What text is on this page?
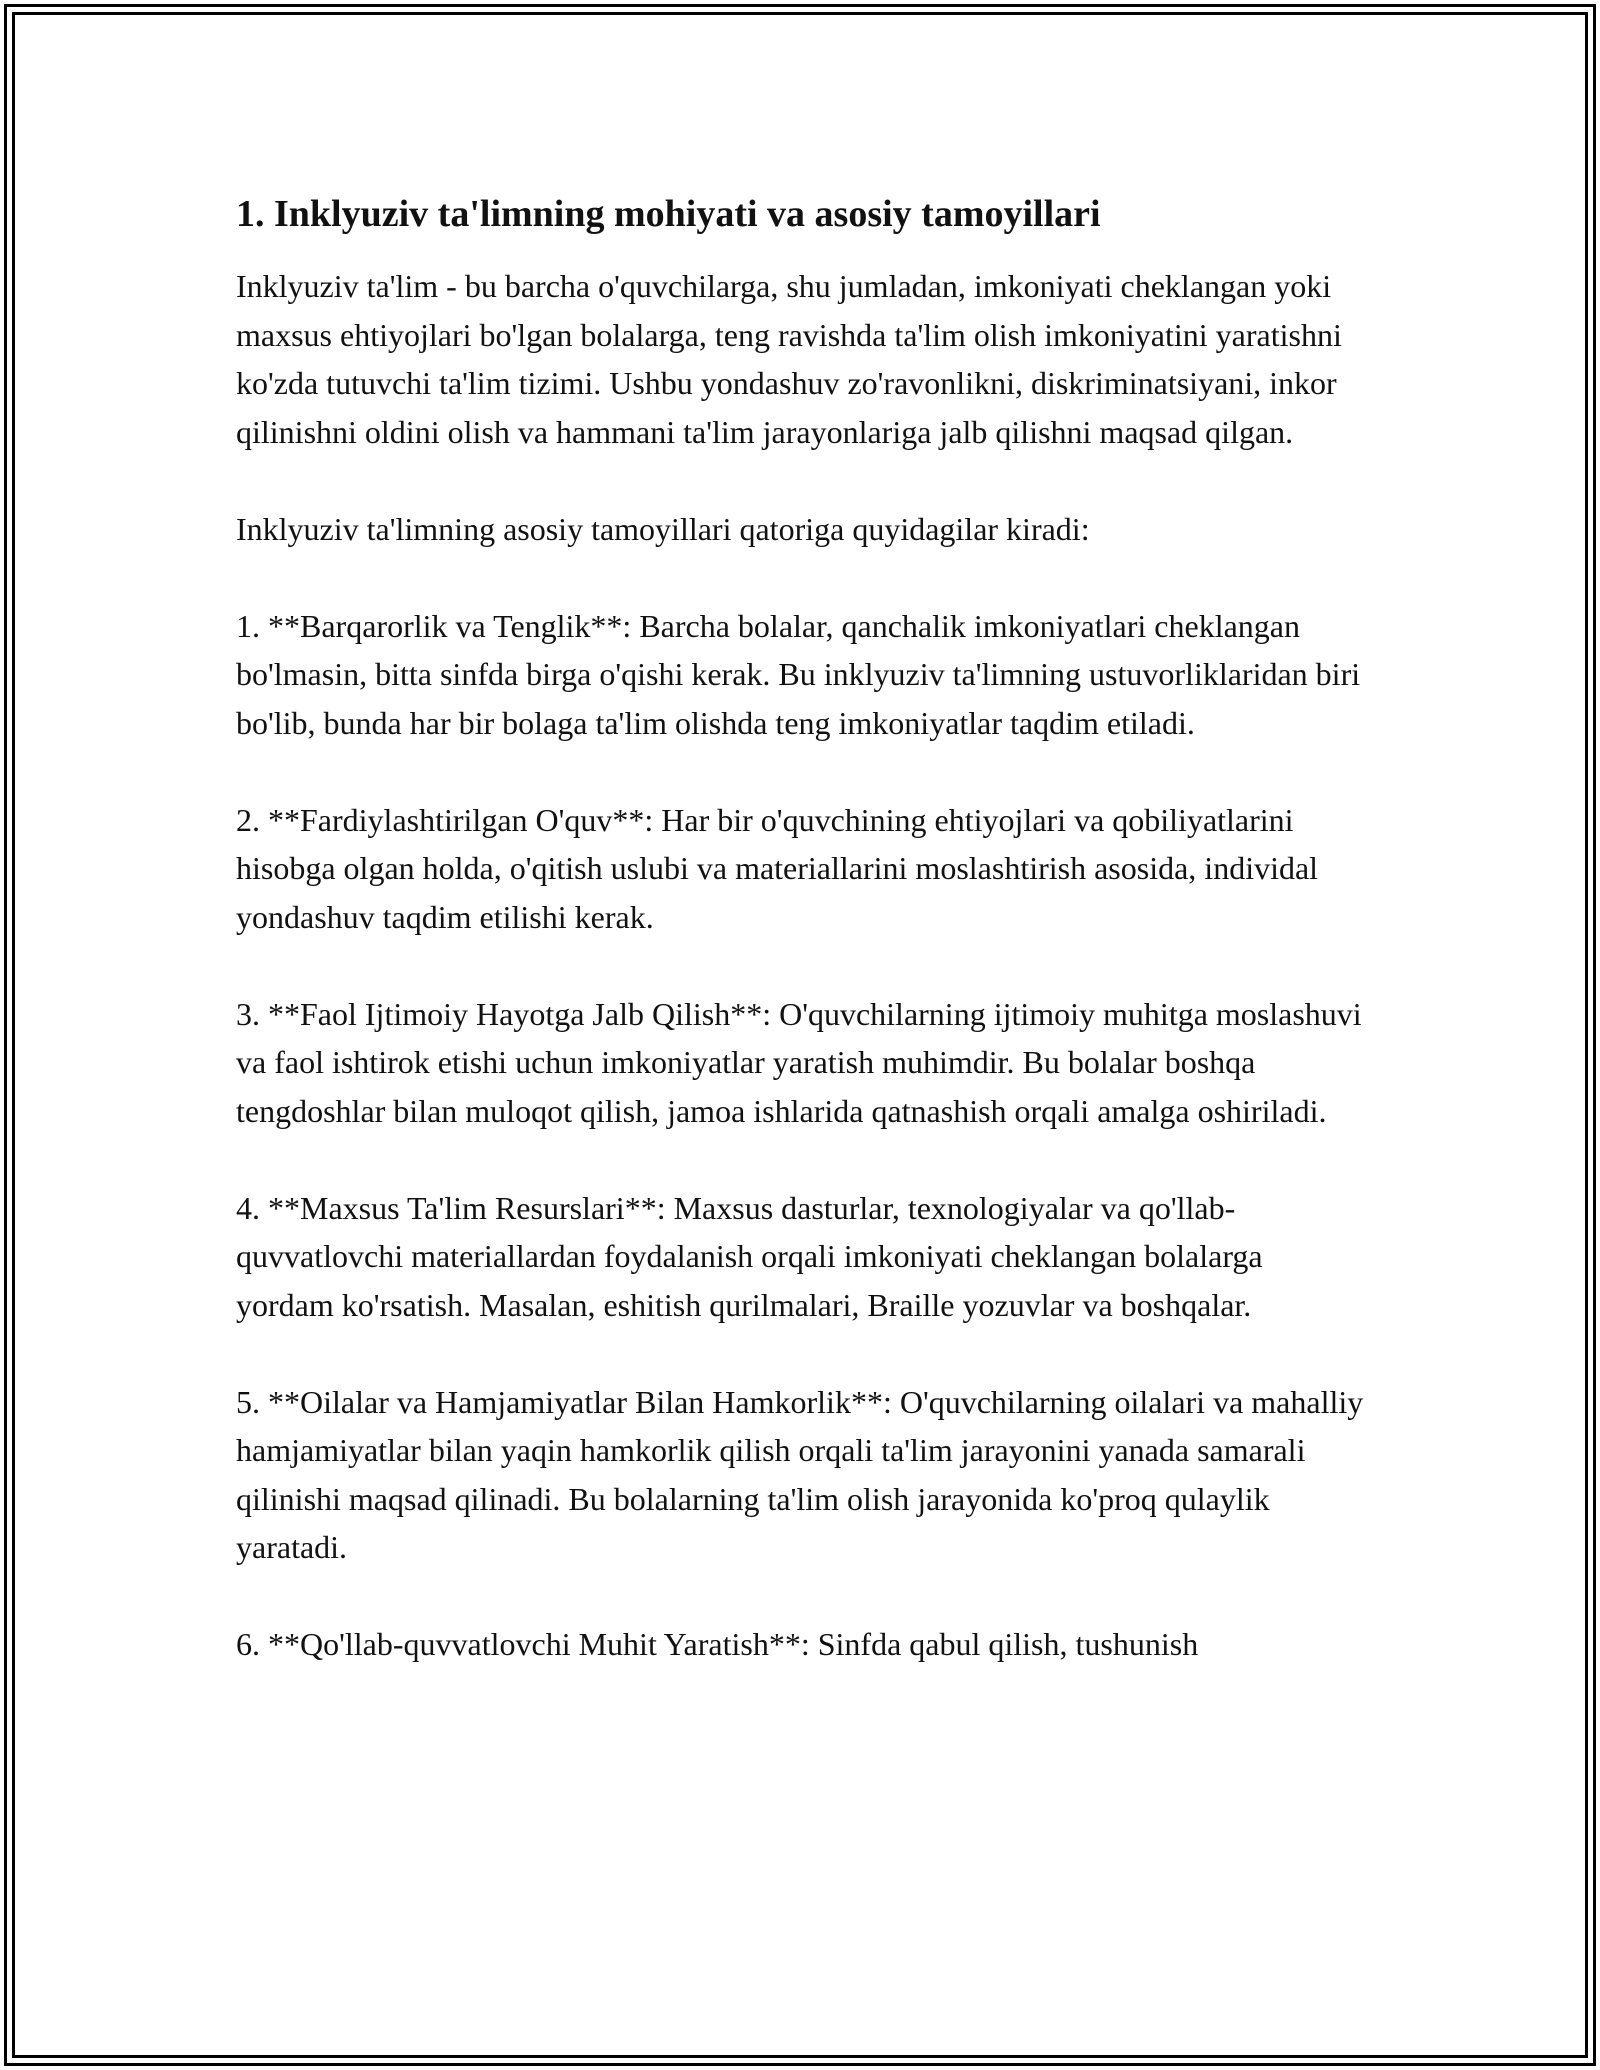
1. Inklyuziv ta'limning mohiyati va asosiy tamoyillari

Inklyuziv ta'lim - bu barcha o'quvchilarga, shu jumladan, imkoniyati cheklangan yoki maxsus ehtiyojlari bo'lgan bolalarga, teng ravishda ta'lim olish imkoniyatini yaratishni ko'zda tutuvchi ta'lim tizimi. Ushbu yondashuv zo'ravonlikni, diskriminatsiyani, inkor qilinishni oldini olish va hammani ta'lim jarayonlariga jalb qilishni maqsad qilgan.

Inklyuziv ta'limning asosiy tamoyillari qatoriga quyidagilar kiradi:

1. **Barqarorlik va Tenglik**: Barcha bolalar, qanchalik imkoniyatlari cheklangan bo'lmasin, bitta sinfda birga o'qishi kerak. Bu inklyuziv ta'limning ustuvorliklaridan biri bo'lib, bunda har bir bolaga ta'lim olishda teng imkoniyatlar taqdim etiladi.

2. **Fardiylashtirilgan O'quv**: Har bir o'quvchining ehtiyojlari va qobiliyatlarini hisobga olgan holda, o'qitish uslubi va materiallarini moslashtirish asosida, individal yondashuv taqdim etilishi kerak.

3. **Faol Ijtimoiy Hayotga Jalb Qilish**: O'quvchilarning ijtimoiy muhitga moslashuvi va faol ishtirok etishi uchun imkoniyatlar yaratish muhimdir. Bu bolalar boshqa tengdoshlar bilan muloqot qilish, jamoa ishlarida qatnashish orqali amalga oshiriladi.

4. **Maxsus Ta'lim Resurslari**: Maxsus dasturlar, texnologiyalar va qo'llab-quvvatlovchi materiallardan foydalanish orqali imkoniyati cheklangan bolalarga yordam ko'rsatish. Masalan, eshitish qurilmalari, Braille yozuvlar va boshqalar.

5. **Oilalar va Hamjamiyatlar Bilan Hamkorlik**: O'quvchilarning oilalari va mahalliy hamjamiyatlar bilan yaqin hamkorlik qilish orqali ta'lim jarayonini yanada samarali qilinishi maqsad qilinadi. Bu bolalarning ta'lim olish jarayonida ko'proq qulaylik yaratadi.

6. **Qo'llab-quvvatlovchi Muhit Yaratish**: Sinfda qabul qilish, tushunish
